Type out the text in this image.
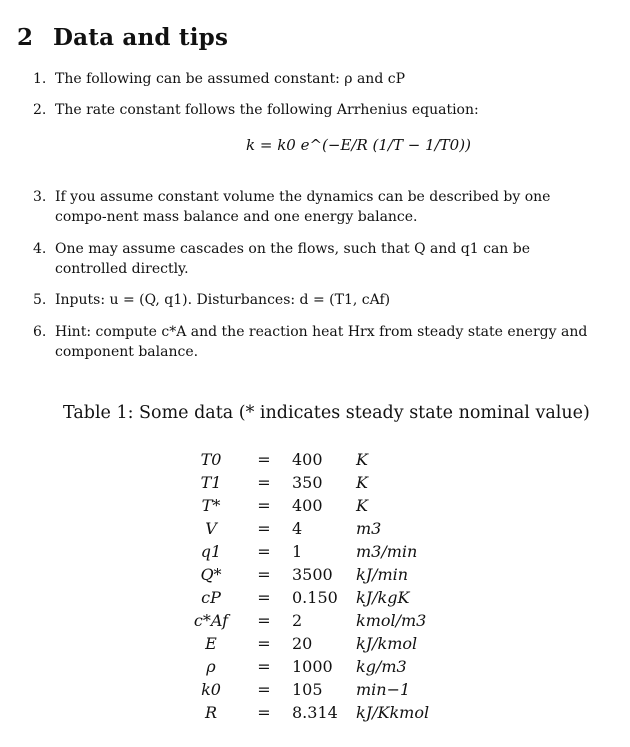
2 Data and tips
1. The following can be assumed constant: ρ and cP
2. The rate constant follows the following Arrhenius equation:
k = k0 e^(−E/R (1/T − 1/T0))
3. If you assume constant volume the dynamics can be described by one compo-nent mass balance and one energy balance.
4. One may assume cascades on the flows, such that Q and q1 can be controlled directly.
5. Inputs: u = (Q, q1). Disturbances: d = (T1, cAf)
6. Hint: compute c*A and the reaction heat Hrx from steady state energy and component balance.
Table 1: Some data (* indicates steady state nominal value)
T0	=	400	K
T1	=	350	K
T*	=	400	K
V	=	4	m3
q1	=	1	m3/min
Q*	=	3500	kJ/min
cP	=	0.150	kJ/kgK
c*Af	=	2	kmol/m3
E	=	20	kJ/kmol
ρ	=	1000	kg/m3
k0	=	105	min−1
R	=	8.314	kJ/Kkmol
